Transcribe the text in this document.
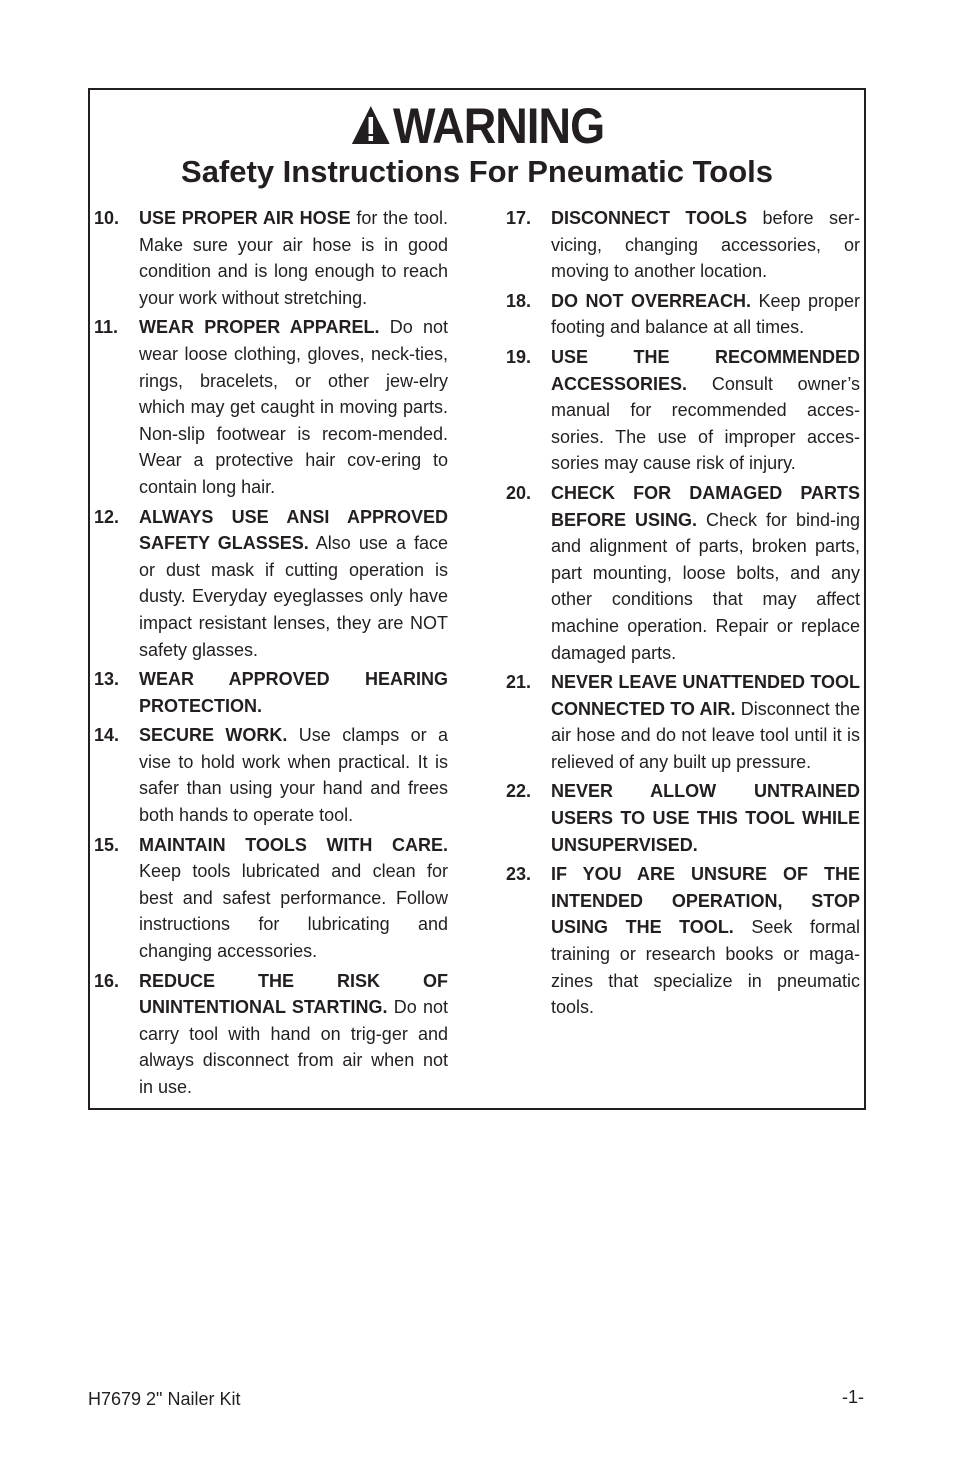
WARNING
Safety Instructions For Pneumatic Tools
10. USE PROPER AIR HOSE for the tool. Make sure your air hose is in good condition and is long enough to reach your work without stretching.
11. WEAR PROPER APPAREL. Do not wear loose clothing, gloves, neck-ties, rings, bracelets, or other jew-elry which may get caught in moving parts. Non-slip footwear is recom-mended. Wear a protective hair cov-ering to contain long hair.
12. ALWAYS USE ANSI APPROVED SAFETY GLASSES. Also use a face or dust mask if cutting operation is dusty. Everyday eyeglasses only have impact resistant lenses, they are NOT safety glasses.
13. WEAR APPROVED HEARING PROTECTION.
14. SECURE WORK. Use clamps or a vise to hold work when practical. It is safer than using your hand and frees both hands to operate tool.
15. MAINTAIN TOOLS WITH CARE. Keep tools lubricated and clean for best and safest performance. Follow instructions for lubricating and changing accessories.
16. REDUCE THE RISK OF UNINTENTIONAL STARTING. Do not carry tool with hand on trig-ger and always disconnect from air when not in use.
17. DISCONNECT TOOLS before ser-vicing, changing accessories, or moving to another location.
18. DO NOT OVERREACH. Keep proper footing and balance at all times.
19. USE THE RECOMMENDED ACCESSORIES. Consult owner’s manual for recommended acces-sories. The use of improper acces-sories may cause risk of injury.
20. CHECK FOR DAMAGED PARTS BEFORE USING. Check for bind-ing and alignment of parts, broken parts, part mounting, loose bolts, and any other conditions that may affect machine operation. Repair or replace damaged parts.
21. NEVER LEAVE UNATTENDED TOOL CONNECTED TO AIR. Disconnect the air hose and do not leave tool until it is relieved of any built up pressure.
22. NEVER ALLOW UNTRAINED USERS TO USE THIS TOOL WHILE UNSUPERVISED.
23. IF YOU ARE UNSURE OF THE INTENDED OPERATION, STOP USING THE TOOL. Seek formal training or research books or maga-zines that specialize in pneumatic tools.
H7679 2" Nailer Kit	-1-
